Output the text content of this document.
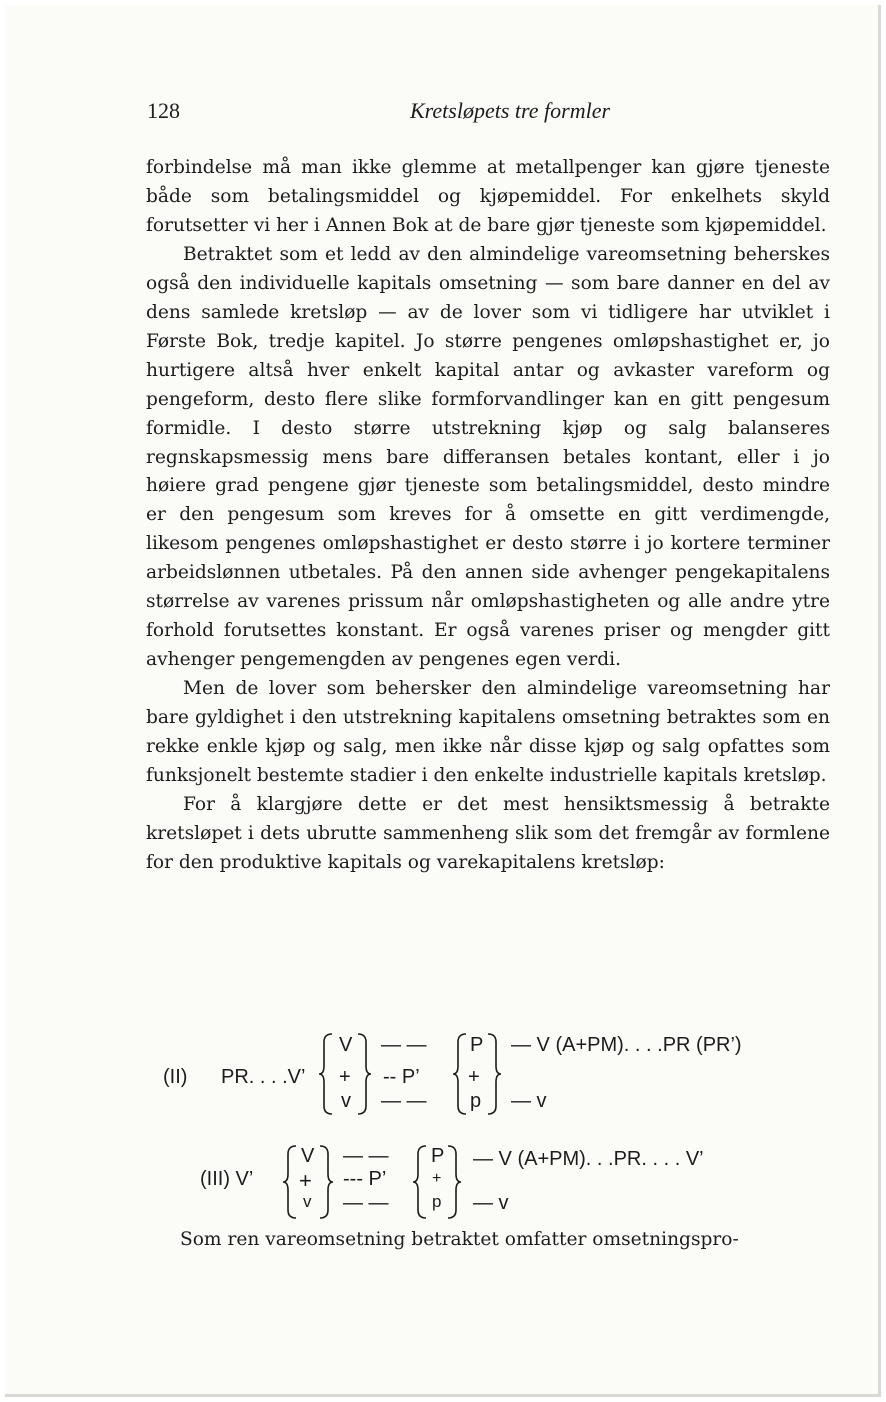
128	Kretsløpets tre formler

forbindelse må man ikke glemme at metallpenger kan gjøre tjeneste både som betalingsmiddel og kjøpemiddel. For enkelhets skyld forutsetter vi her i Annen Bok at de bare gjør tjeneste som kjøpemiddel.

Betraktet som et ledd av den almindelige vareomsetning beherskes også den individuelle kapitals omsetning — som bare danner en del av dens samlede kretsløp — av de lover som vi tidligere har utviklet i Første Bok, tredje kapitel. Jo større pengenes omløpshastighet er, jo hurtigere altså hver enkelt kapital antar og avkaster vareform og pengeform, desto flere slike formforvandlinger kan en gitt pengesum formidle. I desto større utstrekning kjøp og salg balanseres regnskapsmessig mens bare differansen betales kontant, eller i jo høiere grad pengene gjør tjeneste som betalingsmiddel, desto mindre er den pengesum som kreves for å omsette en gitt verdimengde, likesom pengenes omløpshastighet er desto større i jo kortere terminer arbeidslønnen utbetales. På den annen side avhenger pengekapitalens størrelse av varenes prissum når omløpshastigheten og alle andre ytre forhold forutsettes konstant. Er også varenes priser og mengder gitt avhenger pengemengden av pengenes egen verdi.

Men de lover som behersker den almindelige vareomsetning har bare gyldighet i den utstrekning kapitalens omsetning betraktes som en rekke enkle kjøp og salg, men ikke når disse kjøp og salg opfattes som funksjonelt bestemte stadier i den enkelte industrielle kapitals kretsløp.

For å klargjøre dette er det mest hensiktsmessig å betrakte kretsløpet i dets ubrutte sammenheng slik som det fremgår av formlene for den produktive kapitals og varekapitalens kretsløp:

(II) PR. . . .V’
V
+
v
— —
-- P’
— —
P
+
p
— V (A+PM). . . .PR (PR’)
— v
(III) V’
V
+
v
— —
--- P’
— —
P
+
p
— V (A+PM). . .PR. . . . V’
— v
Som ren vareomsetning betraktet omfatter omsetningspro-
